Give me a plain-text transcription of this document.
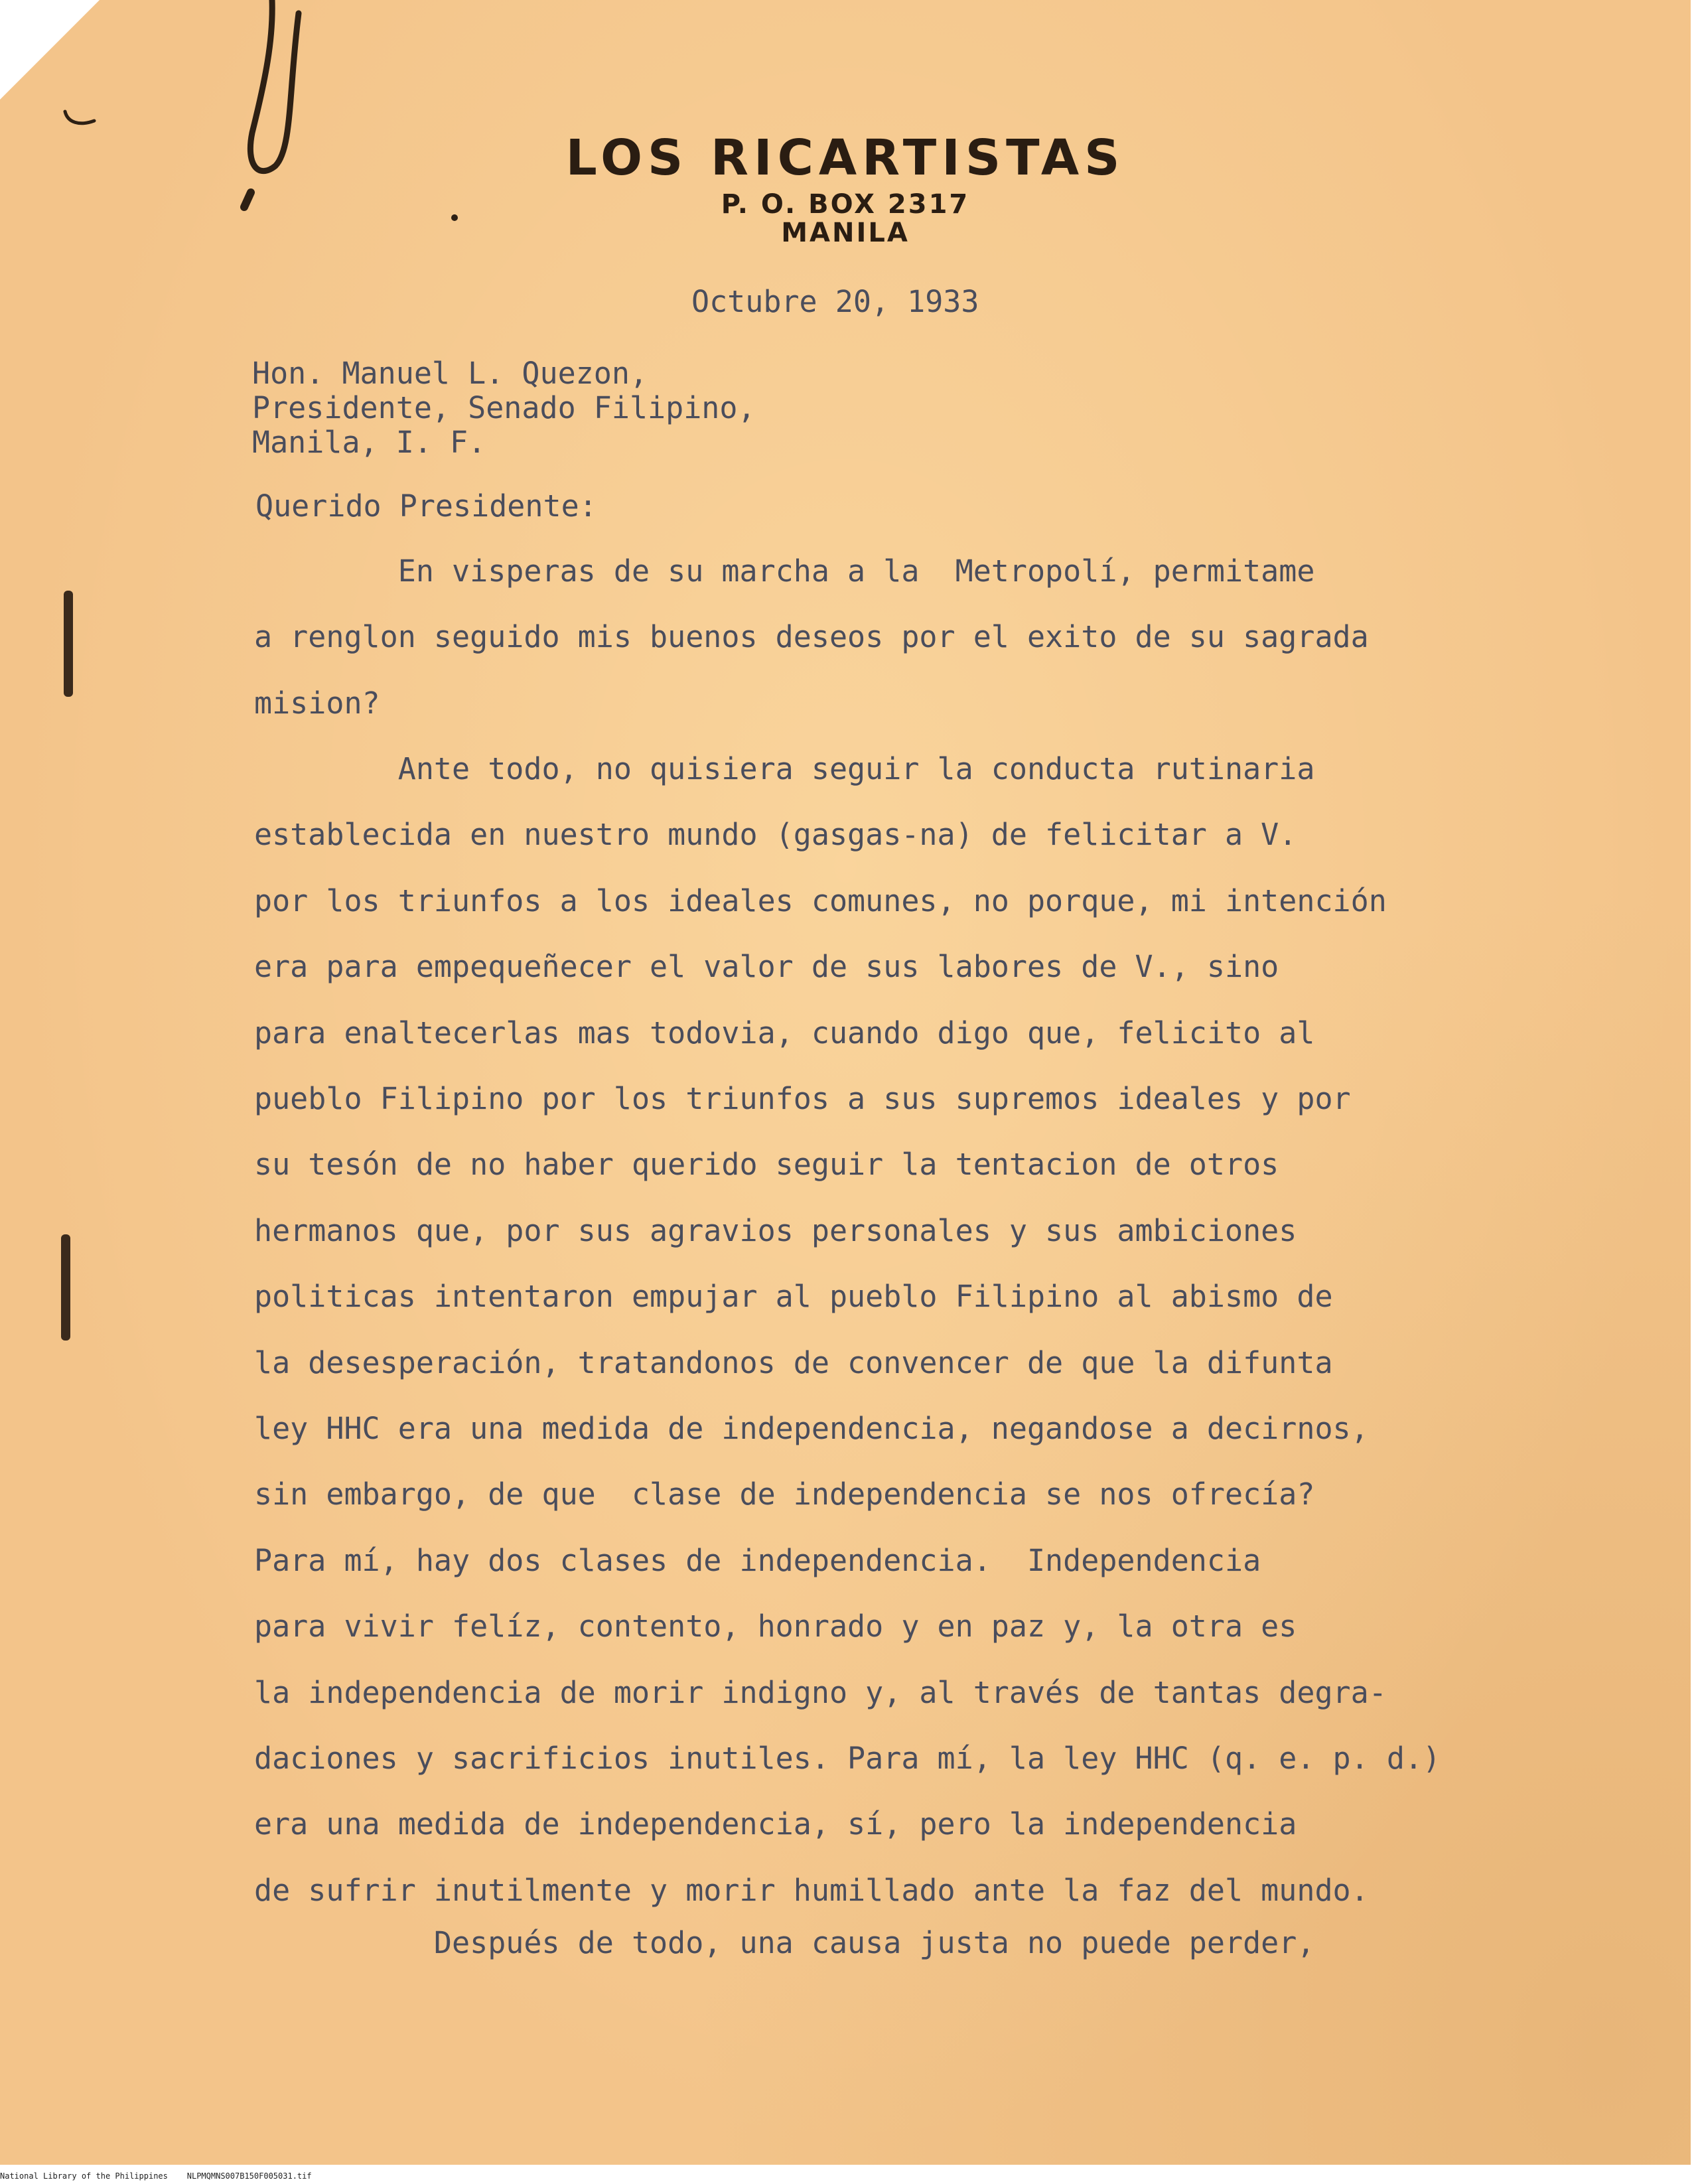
LOS RICARTISTAS
P. O. BOX 2317
MANILA
Octubre 20, 1933
Hon. Manuel L. Quezon,
Presidente, Senado Filipino,
Manila, I. F.
Querido Presidente:
En visperas de su marcha a la  Metropolí, permitame
a renglon seguido mis buenos deseos por el exito de su sagrada
mision?
Ante todo, no quisiera seguir la conducta rutinaria
establecida en nuestro mundo (gasgas-na) de felicitar a V.
por los triunfos a los ideales comunes, no porque, mi intención
era para empequeñecer el valor de sus labores de V., sino
para enaltecerlas mas todovia, cuando digo que, felicito al
pueblo Filipino por los triunfos a sus supremos ideales y por
su tesón de no haber querido seguir la tentacion de otros
hermanos que, por sus agravios personales y sus ambiciones
politicas intentaron empujar al pueblo Filipino al abismo de
la desesperación, tratandonos de convencer de que la difunta
ley HHC era una medida de independencia, negandose a decirnos,
sin embargo, de que  clase de independencia se nos ofrecía?
Para mí, hay dos clases de independencia.  Independencia
para vivir felíz, contento, honrado y en paz y, la otra es
la independencia de morir indigno y, al través de tantas degra-
daciones y sacrificios inutiles. Para mí, la ley HHC (q. e. p. d.)
era una medida de independencia, sí, pero la independencia
de sufrir inutilmente y morir humillado ante la faz del mundo.
Después de todo, una causa justa no puede perder,
National Library of the Philippines    NLPMQMNS007B150F005031.tif
